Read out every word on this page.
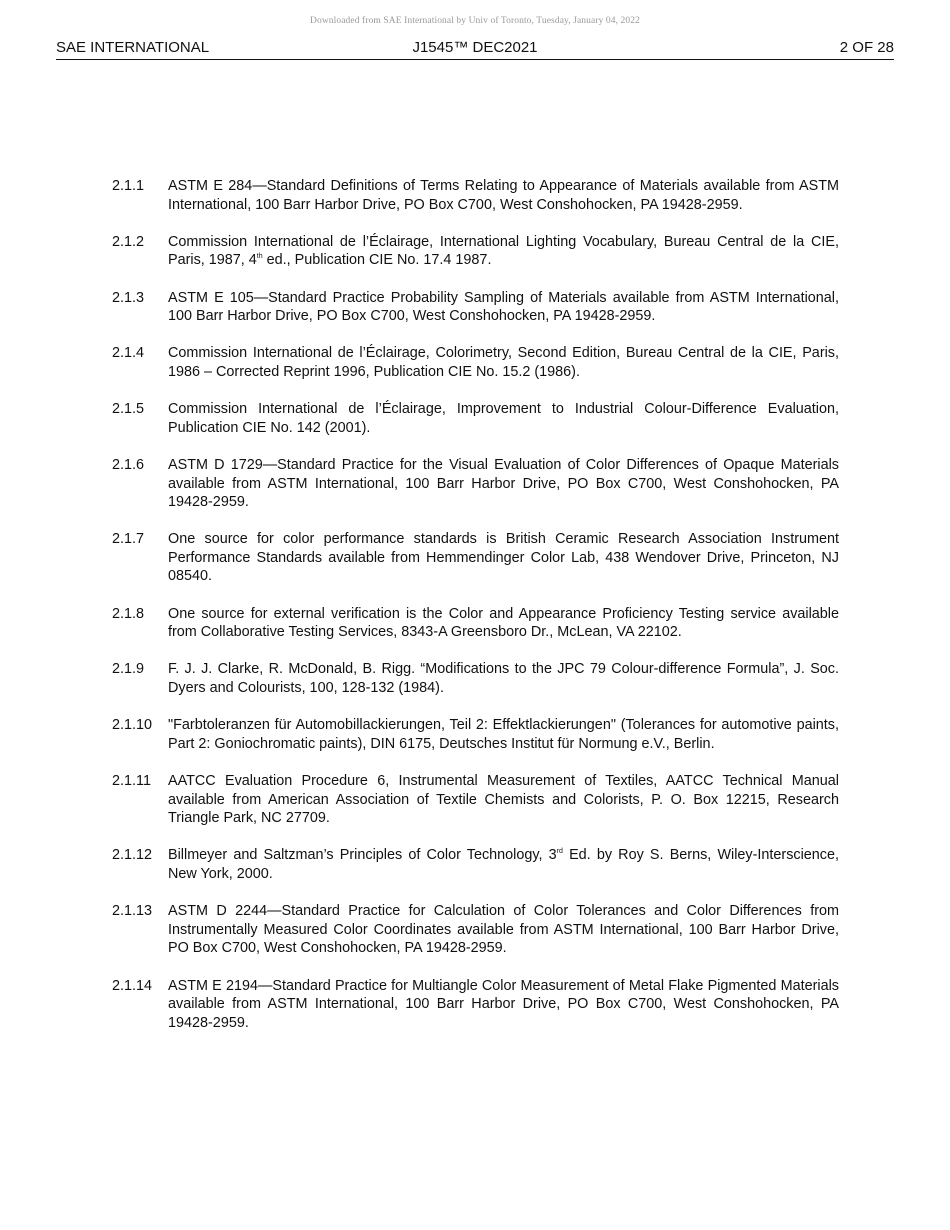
Downloaded from SAE International by Univ of Toronto, Tuesday, January 04, 2022
SAE INTERNATIONAL	J1545™ DEC2021	2 OF 28
2.1.1 ASTM E 284—Standard Definitions of Terms Relating to Appearance of Materials available from ASTM International, 100 Barr Harbor Drive, PO Box C700, West Conshohocken, PA 19428-2959.
2.1.2 Commission International de l’Éclairage, International Lighting Vocabulary, Bureau Central de la CIE, Paris, 1987, 4th ed., Publication CIE No. 17.4 1987.
2.1.3 ASTM E 105—Standard Practice Probability Sampling of Materials available from ASTM International, 100 Barr Harbor Drive, PO Box C700, West Conshohocken, PA 19428-2959.
2.1.4 Commission International de l’Éclairage, Colorimetry, Second Edition, Bureau Central de la CIE, Paris, 1986 – Corrected Reprint 1996, Publication CIE No. 15.2 (1986).
2.1.5 Commission International de l’Éclairage, Improvement to Industrial Colour-Difference Evaluation, Publication CIE No. 142 (2001).
2.1.6 ASTM D 1729—Standard Practice for the Visual Evaluation of Color Differences of Opaque Materials available from ASTM International, 100 Barr Harbor Drive, PO Box C700, West Conshohocken, PA 19428-2959.
2.1.7 One source for color performance standards is British Ceramic Research Association Instrument Performance Standards available from Hemmendinger Color Lab, 438 Wendover Drive, Princeton, NJ 08540.
2.1.8 One source for external verification is the Color and Appearance Proficiency Testing service available from Collaborative Testing Services, 8343-A Greensboro Dr., McLean, VA 22102.
2.1.9 F. J. J. Clarke, R. McDonald, B. Rigg. “Modifications to the JPC 79 Colour-difference Formula”, J. Soc. Dyers and Colourists, 100, 128-132 (1984).
2.1.10 "Farbtoleranzen für Automobillackierungen, Teil 2: Effektlackierungen" (Tolerances for automotive paints, Part 2: Goniochromatic paints), DIN 6175, Deutsches Institut für Normung e.V., Berlin.
2.1.11 AATCC Evaluation Procedure 6, Instrumental Measurement of Textiles, AATCC Technical Manual available from American Association of Textile Chemists and Colorists, P. O. Box 12215, Research Triangle Park, NC 27709.
2.1.12 Billmeyer and Saltzman’s Principles of Color Technology, 3rd Ed. by Roy S. Berns, Wiley-Interscience, New York, 2000.
2.1.13 ASTM D 2244—Standard Practice for Calculation of Color Tolerances and Color Differences from Instrumentally Measured Color Coordinates available from ASTM International, 100 Barr Harbor Drive, PO Box C700, West Conshohocken, PA 19428-2959.
2.1.14 ASTM E 2194—Standard Practice for Multiangle Color Measurement of Metal Flake Pigmented Materials available from ASTM International, 100 Barr Harbor Drive, PO Box C700, West Conshohocken, PA 19428-2959.
